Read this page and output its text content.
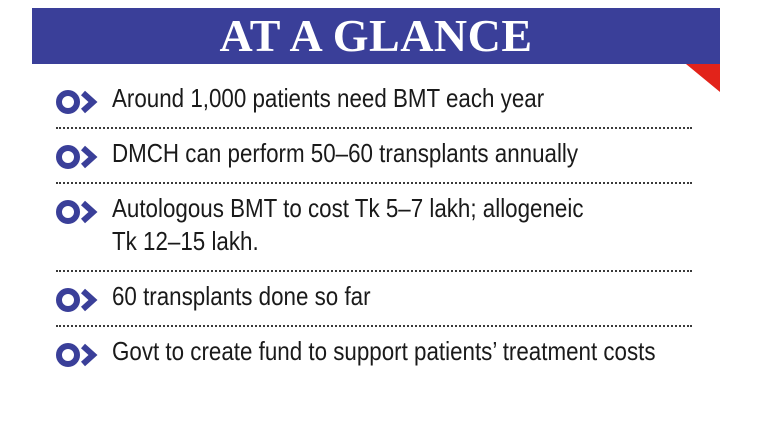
AT A GLANCE
Around 1,000 patients need BMT each year
DMCH can perform 50–60 transplants annually
Autologous BMT to cost Tk 5–7 lakh; allogeneic
Tk 12–15 lakh.
60 transplants done so far
Govt to create fund to support patients’ treatment costs
